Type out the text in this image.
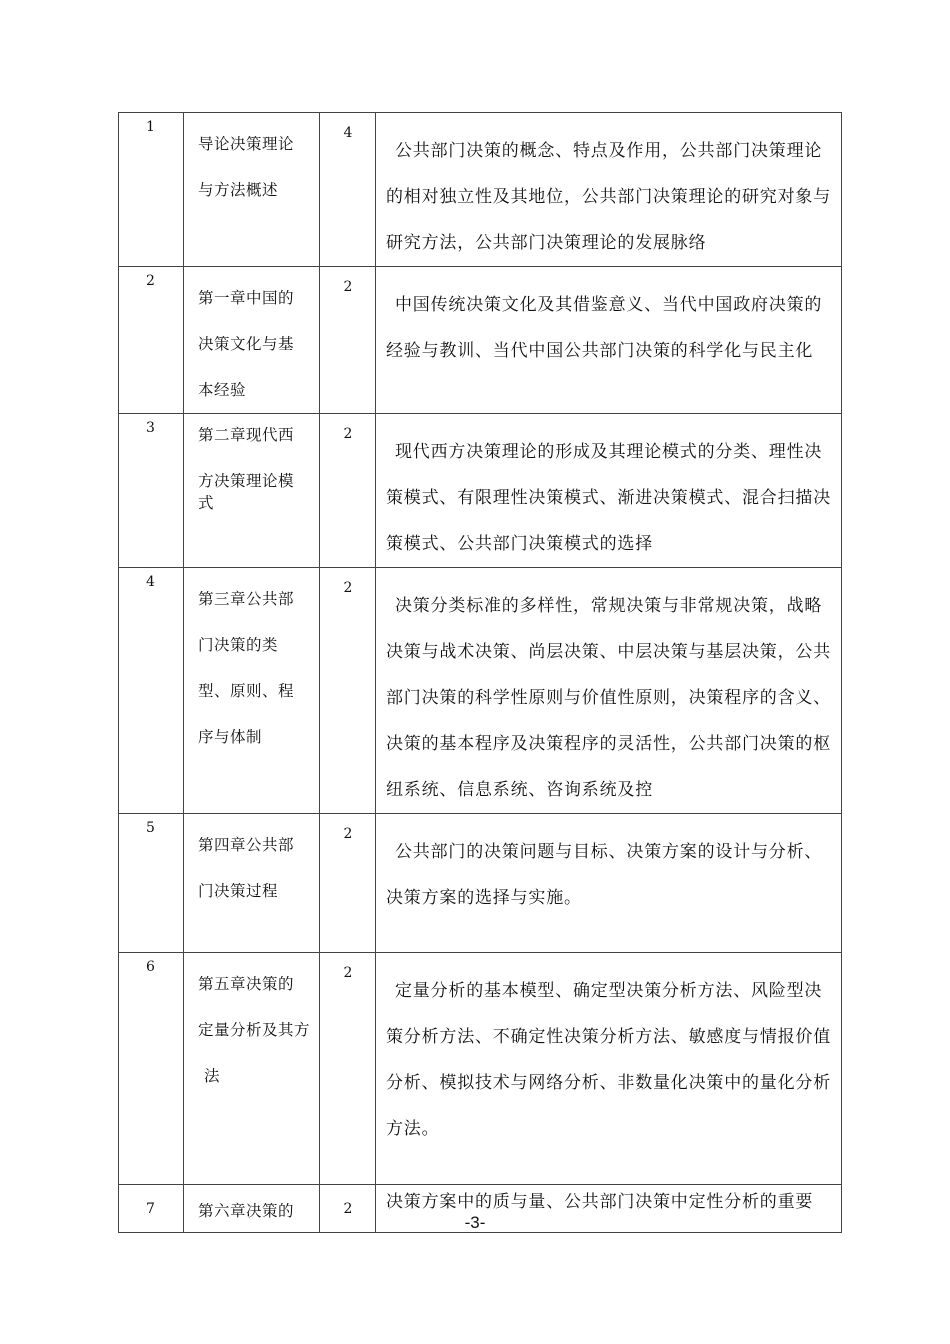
1	导论决策理论
与方法概述	4	公共部门决策的概念、特点及作用，公共部门决策理论的相对独立性及其地位，公共部门决策理论的研究对象与研究方法，公共部门决策理论的发展脉络

2	第一章中国的
决策文化与基
本经验	2	中国传统决策文化及其借鉴意义、当代中国政府决策的经验与教训、当代中国公共部门决策的科学化与民主化

3	第二章现代西
方决策理论模
式	2	现代西方决策理论的形成及其理论模式的分类、理性决策模式、有限理性决策模式、渐进决策模式、混合扫描决策模式、公共部门决策模式的选择

4	第三章公共部
门决策的类
型、原则、程
序与体制	2	决策分类标准的多样性，常规决策与非常规决策，战略决策与战术决策、尚层决策、中层决策与基层决策，公共部门决策的科学性原则与价值性原则，决策程序的含义、决策的基本程序及决策程序的灵活性，公共部门决策的枢纽系统、信息系统、咨询系统及控

5	第四章公共部
门决策过程	2	公共部门的决策问题与目标、决策方案的设计与分析、决策方案的选择与实施。

6	第五章决策的
定量分析及其方
法	2	定量分析的基本模型、确定型决策分析方法、风险型决策分析方法、不确定性决策分析方法、敏感度与情报价值分析、模拟技术与网络分析、非数量化决策中的量化分析方法。

7	第六章决策的	2	决策方案中的质与量、公共部门决策中定性分析的重要
-3-
